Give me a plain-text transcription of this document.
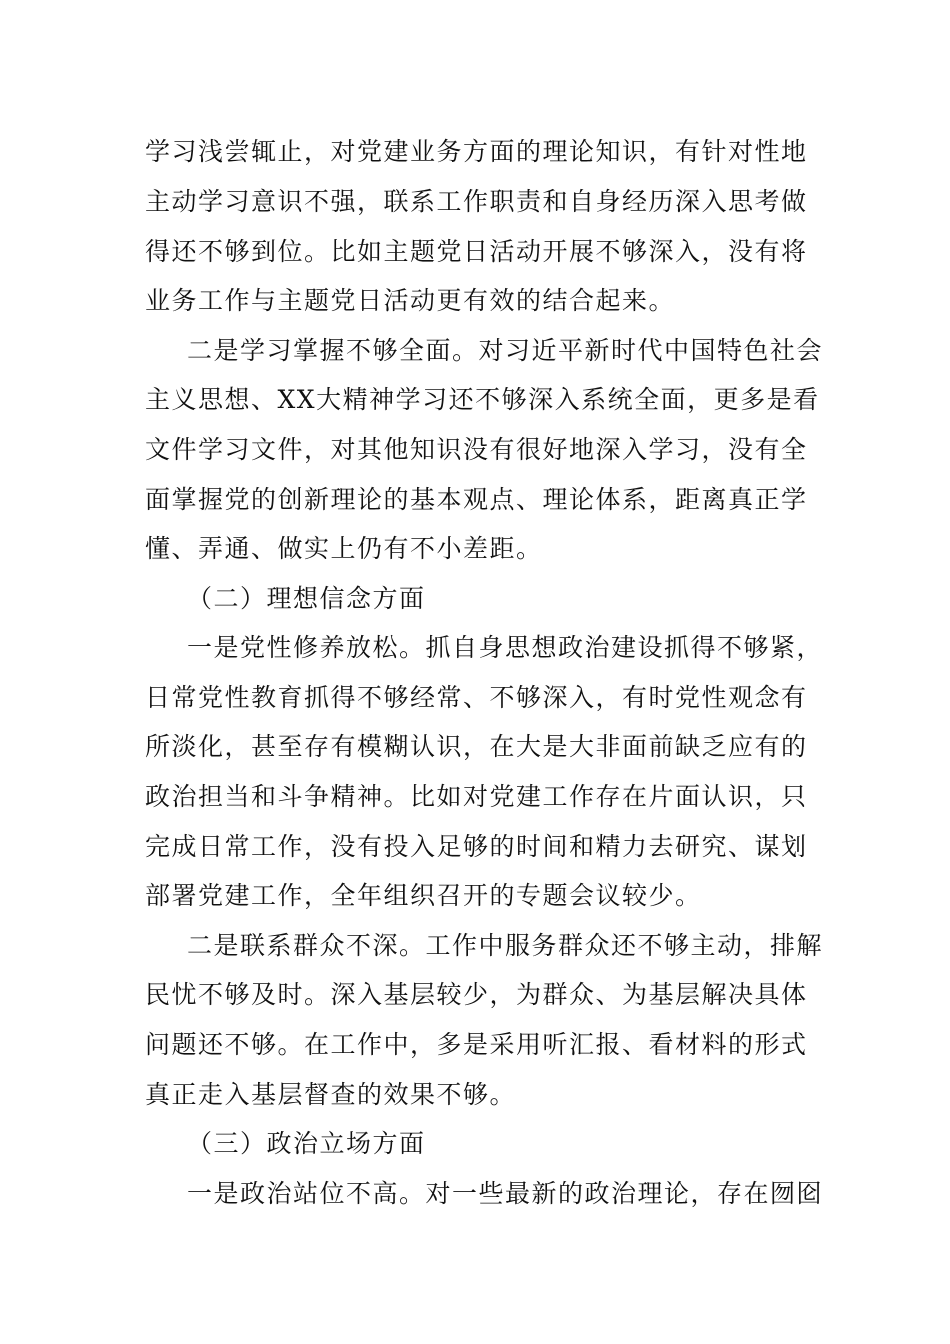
学习浅尝辄止，对党建业务方面的理论知识，有针对性地
主动学习意识不强，联系工作职责和自身经历深入思考做
得还不够到位。比如主题党日活动开展不够深入，没有将
业务工作与主题党日活动更有效的结合起来。
二是学习掌握不够全面。对习近平新时代中国特色社会
主义思想、XX大精神学习还不够深入系统全面，更多是看
文件学习文件，对其他知识没有很好地深入学习，没有全
面掌握党的创新理论的基本观点、理论体系，距离真正学
懂、弄通、做实上仍有不小差距。
（二）理想信念方面
一是党性修养放松。抓自身思想政治建设抓得不够紧，
日常党性教育抓得不够经常、不够深入，有时党性观念有
所淡化，甚至存有模糊认识，在大是大非面前缺乏应有的
政治担当和斗争精神。比如对党建工作存在片面认识，只
完成日常工作，没有投入足够的时间和精力去研究、谋划
部署党建工作，全年组织召开的专题会议较少。
二是联系群众不深。工作中服务群众还不够主动，排解
民忧不够及时。深入基层较少，为群众、为基层解决具体
问题还不够。在工作中，多是采用听汇报、看材料的形式
真正走入基层督查的效果不够。
（三）政治立场方面
一是政治站位不高。对一些最新的政治理论，存在囫囵
